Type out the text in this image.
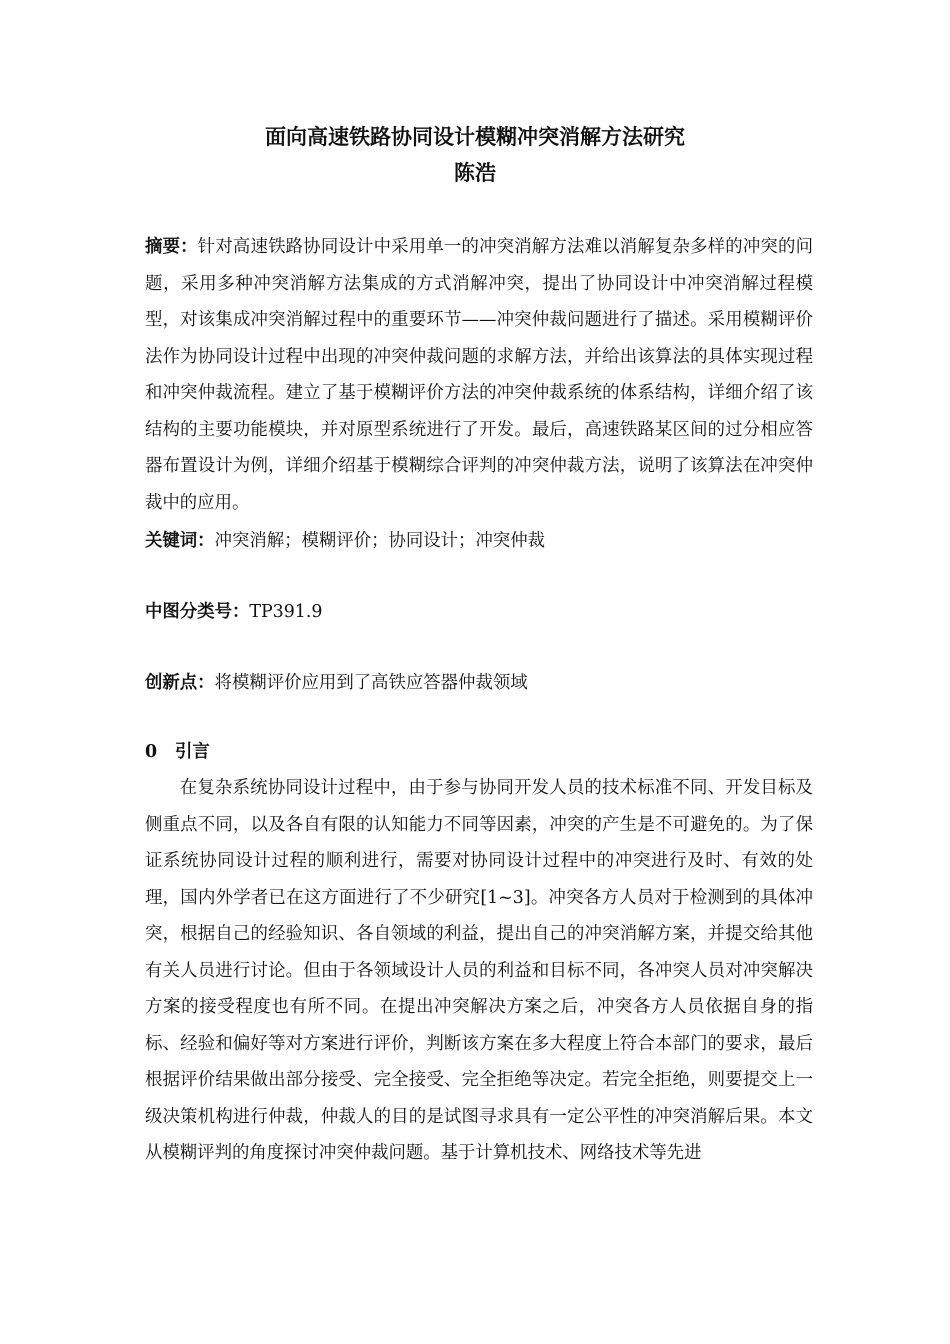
面向高速铁路协同设计模糊冲突消解方法研究
陈浩

摘要：针对高速铁路协同设计中采用单一的冲突消解方法难以消解复杂多样的冲突的问题，采用多种冲突消解方法集成的方式消解冲突，提出了协同设计中冲突消解过程模型，对该集成冲突消解过程中的重要环节——冲突仲裁问题进行了描述。采用模糊评价法作为协同设计过程中出现的冲突仲裁问题的求解方法，并给出该算法的具体实现过程和冲突仲裁流程。建立了基于模糊评价方法的冲突仲裁系统的体系结构，详细介绍了该结构的主要功能模块，并对原型系统进行了开发。最后，高速铁路某区间的过分相应答器布置设计为例，详细介绍基于模糊综合评判的冲突仲裁方法，说明了该算法在冲突仲裁中的应用。

关键词：冲突消解；模糊评价；协同设计；冲突仲裁
中图分类号：TP391.9
创新点：将模糊评价应用到了高铁应答器仲裁领域
0 引言

在复杂系统协同设计过程中，由于参与协同开发人员的技术标准不同、开发目标及侧重点不同，以及各自有限的认知能力不同等因素，冲突的产生是不可避免的。为了保证系统协同设计过程的顺利进行，需要对协同设计过程中的冲突进行及时、有效的处理，国内外学者已在这方面进行了不少研究[1~3]。冲突各方人员对于检测到的具体冲突，根据自己的经验知识、各自领域的利益，提出自己的冲突消解方案，并提交给其他有关人员进行讨论。但由于各领域设计人员的利益和目标不同，各冲突人员对冲突解决方案的接受程度也有所不同。在提出冲突解决方案之后，冲突各方人员依据自身的指标、经验和偏好等对方案进行评价，判断该方案在多大程度上符合本部门的要求，最后根据评价结果做出部分接受、完全接受、完全拒绝等决定。若完全拒绝，则要提交上一级决策机构进行仲裁，仲裁人的目的是试图寻求具有一定公平性的冲突消解后果。本文从模糊评判的角度探讨冲突仲裁问题。基于计算机技术、网络技术等先进
